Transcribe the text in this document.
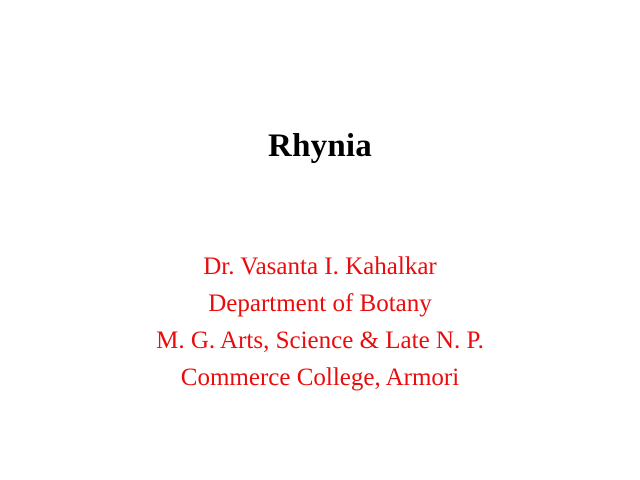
Rhynia
Dr. Vasanta I. Kahalkar
Department of Botany
M. G. Arts, Science & Late N. P.
Commerce College, Armori
